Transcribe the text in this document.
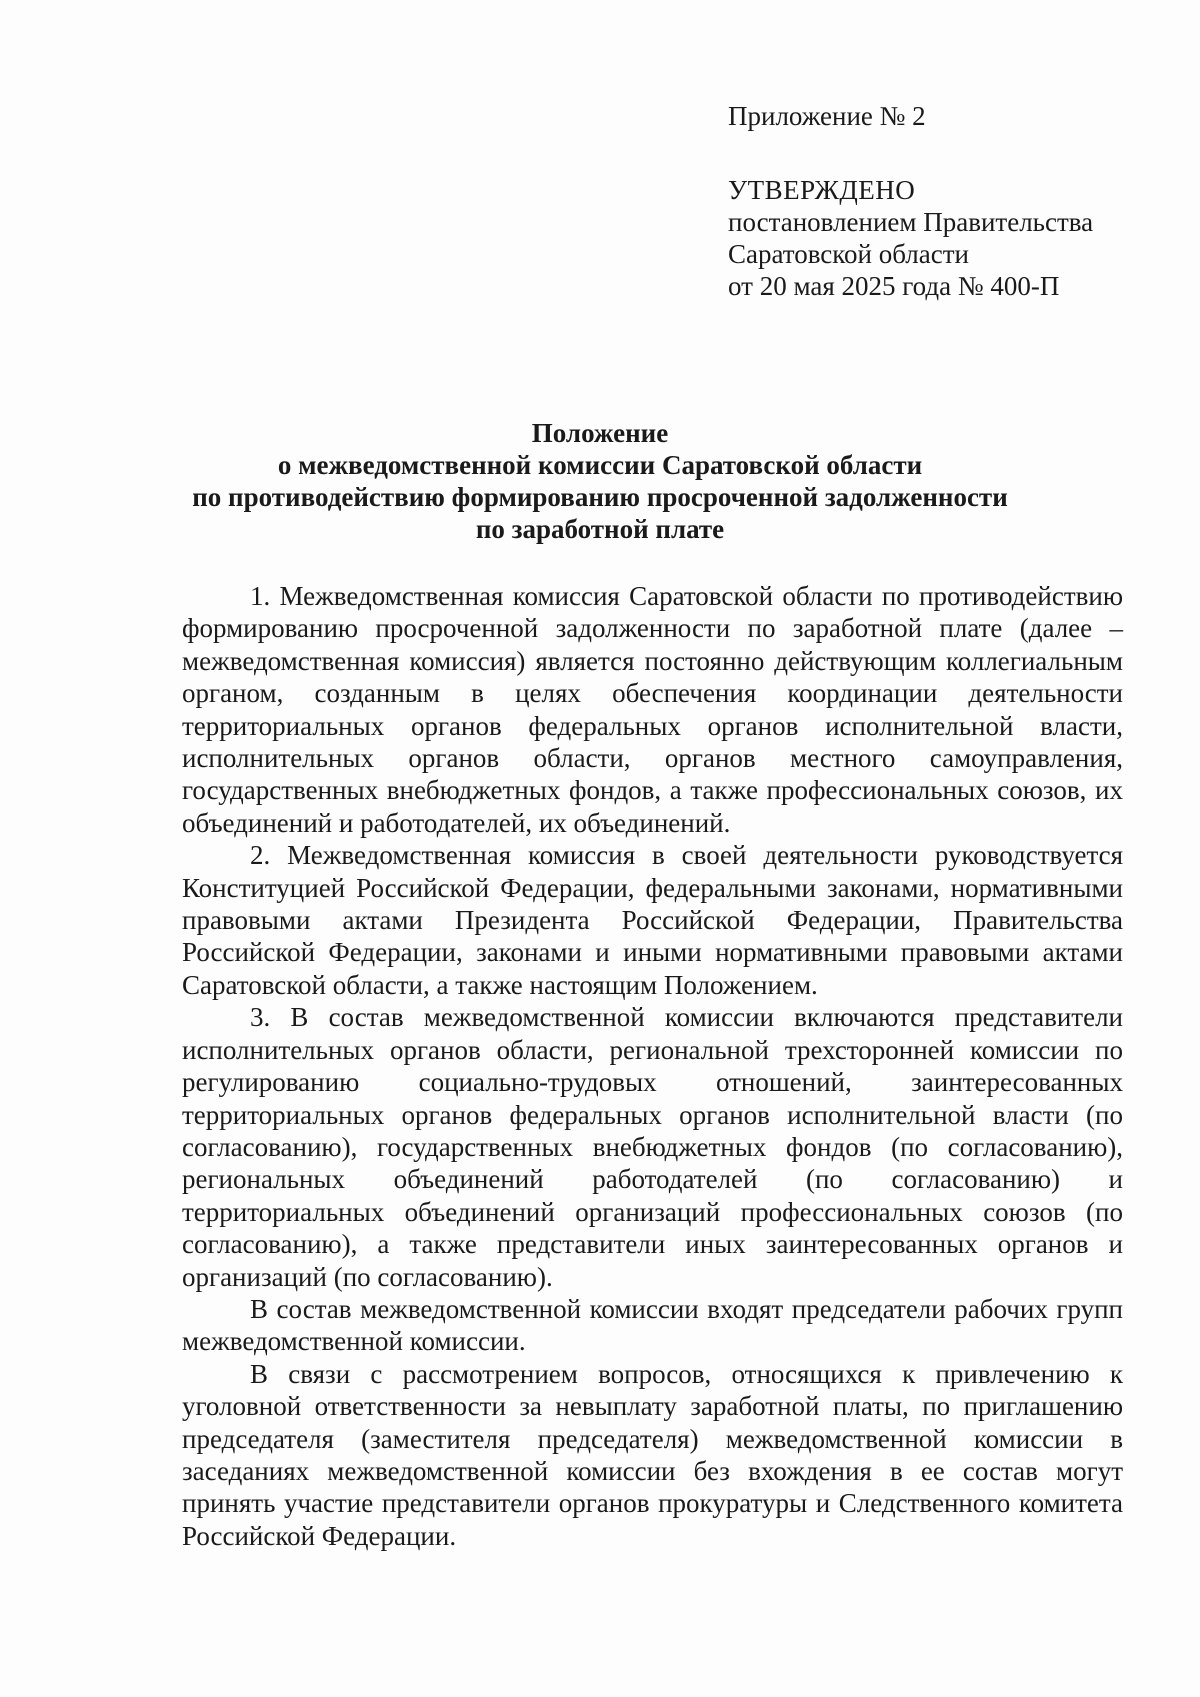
Приложение № 2

УТВЕРЖДЕНО

постановлением Правительства

Саратовской области

от 20 мая 2025 года № 400-П

Положение
о межведомственной комиссии Саратовской области
по противодействию формированию просроченной задолженности
по заработной плате

1. Межведомственная комиссия Саратовской области по противодействию формированию просроченной задолженности по заработной плате (далее – межведомственная комиссия) является постоянно действующим коллегиальным органом, созданным в целях обеспечения координации деятельности территориальных органов федеральных органов исполнительной власти, исполнительных органов области, органов местного самоуправления, государственных внебюджетных фондов, а также профессиональных союзов, их объединений и работодателей, их объединений.

2. Межведомственная комиссия в своей деятельности руководствуется Конституцией Российской Федерации, федеральными законами, нормативными правовыми актами Президента Российской Федерации, Правительства Российской Федерации, законами и иными нормативными правовыми актами Саратовской области, а также настоящим Положением.

3. В состав межведомственной комиссии включаются представители исполнительных органов области, региональной трехсторонней комиссии по регулированию социально-трудовых отношений, заинтересованных территориальных органов федеральных органов исполнительной власти (по согласованию), государственных внебюджетных фондов (по согласованию), региональных объединений работодателей (по согласованию) и территориальных объединений организаций профессиональных союзов (по согласованию), а также представители иных заинтересованных органов и организаций (по согласованию).

В состав межведомственной комиссии входят председатели рабочих групп межведомственной комиссии.

В связи с рассмотрением вопросов, относящихся к привлечению к уголовной ответственности за невыплату заработной платы, по приглашению председателя (заместителя председателя) межведомственной комиссии в заседаниях межведомственной комиссии без вхождения в ее состав могут принять участие представители органов прокуратуры и Следственного комитета Российской Федерации.
